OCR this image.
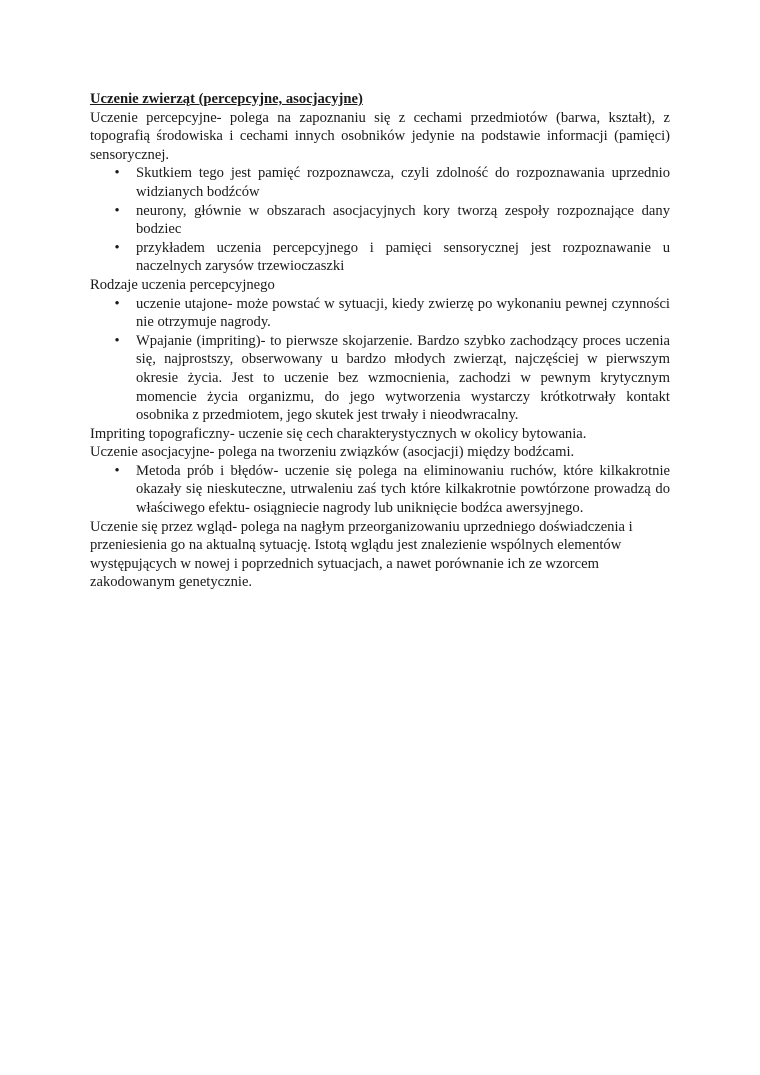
Uczenie zwierząt (percepcyjne, asocjacyjne)

Uczenie percepcyjne- polega na zapoznaniu się z cechami przedmiotów (barwa, kształt), z topografią środowiska i cechami innych osobników jedynie na podstawie informacji (pamięci) sensorycznej.

• Skutkiem tego jest pamięć rozpoznawcza, czyli zdolność do rozpoznawania uprzednio widzianych bodźców
• neurony, głównie w obszarach asocjacyjnych kory tworzą zespoły rozpoznające dany bodziec
• przykładem uczenia percepcyjnego i pamięci sensorycznej jest rozpoznawanie u naczelnych zarysów trzewioczaszki

Rodzaje uczenia percepcyjnego

• uczenie utajone- może powstać w sytuacji, kiedy zwierzę po wykonaniu pewnej czynności nie otrzymuje nagrody.
• Wpajanie (impriting)- to pierwsze skojarzenie. Bardzo szybko zachodzący proces uczenia się, najprostszy, obserwowany u bardzo młodych zwierząt, najczęściej w pierwszym okresie życia. Jest to uczenie bez wzmocnienia, zachodzi w pewnym krytycznym momencie życia organizmu, do jego wytworzenia wystarczy krótkotrwały kontakt osobnika z przedmiotem, jego skutek jest trwały i nieodwracalny.

Impriting topograficzny- uczenie się cech charakterystycznych w okolicy bytowania.

Uczenie asocjacyjne- polega na tworzeniu związków (asocjacji) między bodźcami.

• Metoda prób i błędów- uczenie się polega na eliminowaniu ruchów, które kilkakrotnie okazały się nieskuteczne, utrwaleniu zaś tych które kilkakrotnie powtórzone prowadzą do właściwego efektu- osiągniecie nagrody lub uniknięcie bodźca awersyjnego.

Uczenie się przez wgląd- polega na nagłym przeorganizowaniu uprzedniego doświadczenia i przeniesienia go na aktualną sytuację. Istotą wglądu jest znalezienie wspólnych elementów występujących w nowej i poprzednich sytuacjach, a nawet porównanie ich ze wzorcem zakodowanym genetycznie.
